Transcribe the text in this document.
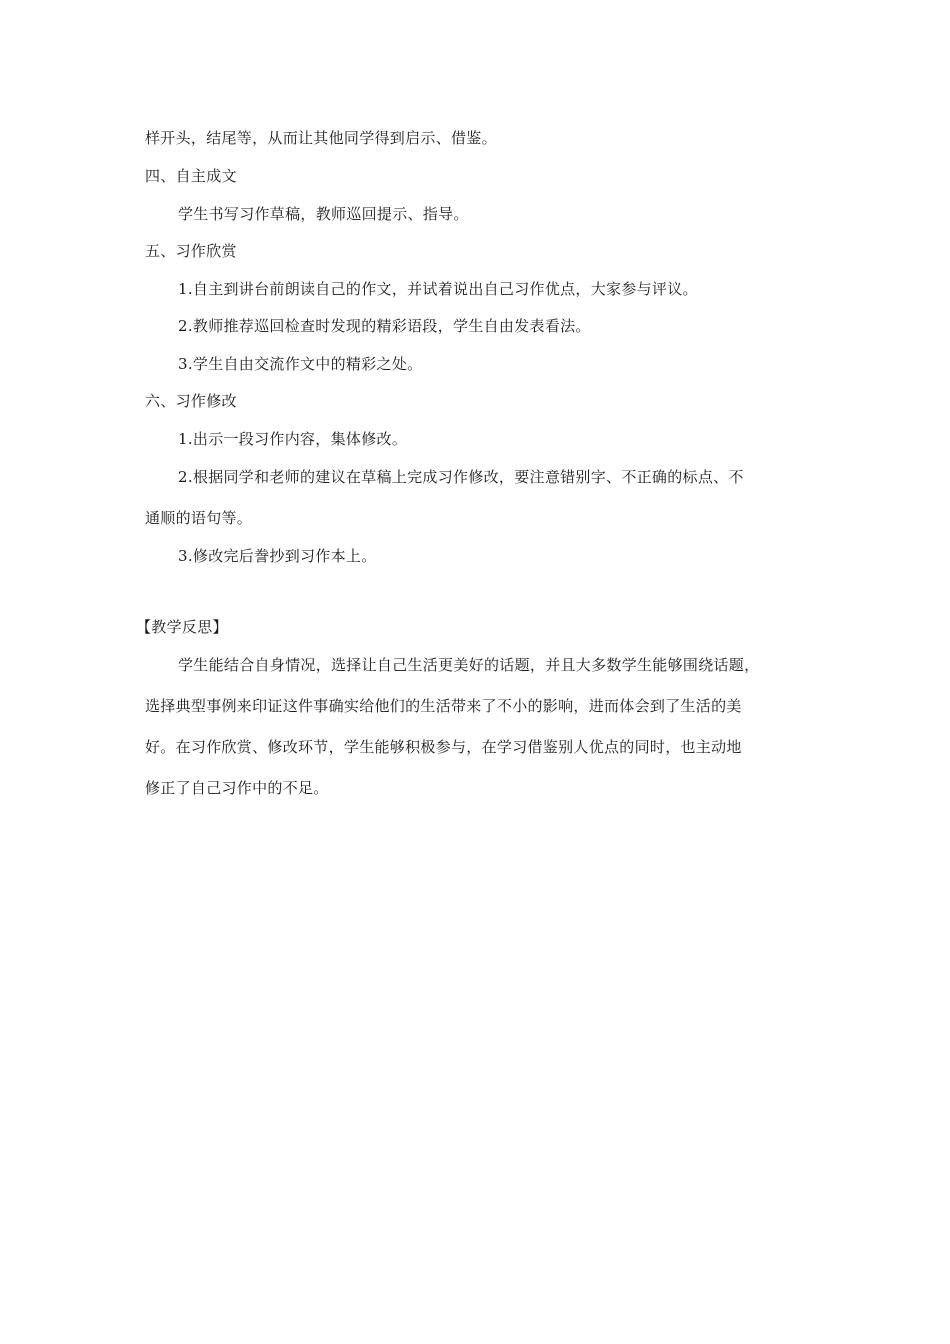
样开头，结尾等，从而让其他同学得到启示、借鉴。
四、自主成文
学生书写习作草稿，教师巡回提示、指导。
五、习作欣赏
1.自主到讲台前朗读自己的作文，并试着说出自己习作优点，大家参与评议。
2.教师推荐巡回检查时发现的精彩语段，学生自由发表看法。
3.学生自由交流作文中的精彩之处。
六、习作修改
1.出示一段习作内容，集体修改。
2.根据同学和老师的建议在草稿上完成习作修改，要注意错别字、不正确的标点、不
通顺的语句等。
3.修改完后誊抄到习作本上。
【教学反思】
学生能结合自身情况，选择让自己生活更美好的话题，并且大多数学生能够围绕话题，
选择典型事例来印证这件事确实给他们的生活带来了不小的影响，进而体会到了生活的美
好。在习作欣赏、修改环节，学生能够积极参与，在学习借鉴别人优点的同时，也主动地
修正了自己习作中的不足。
